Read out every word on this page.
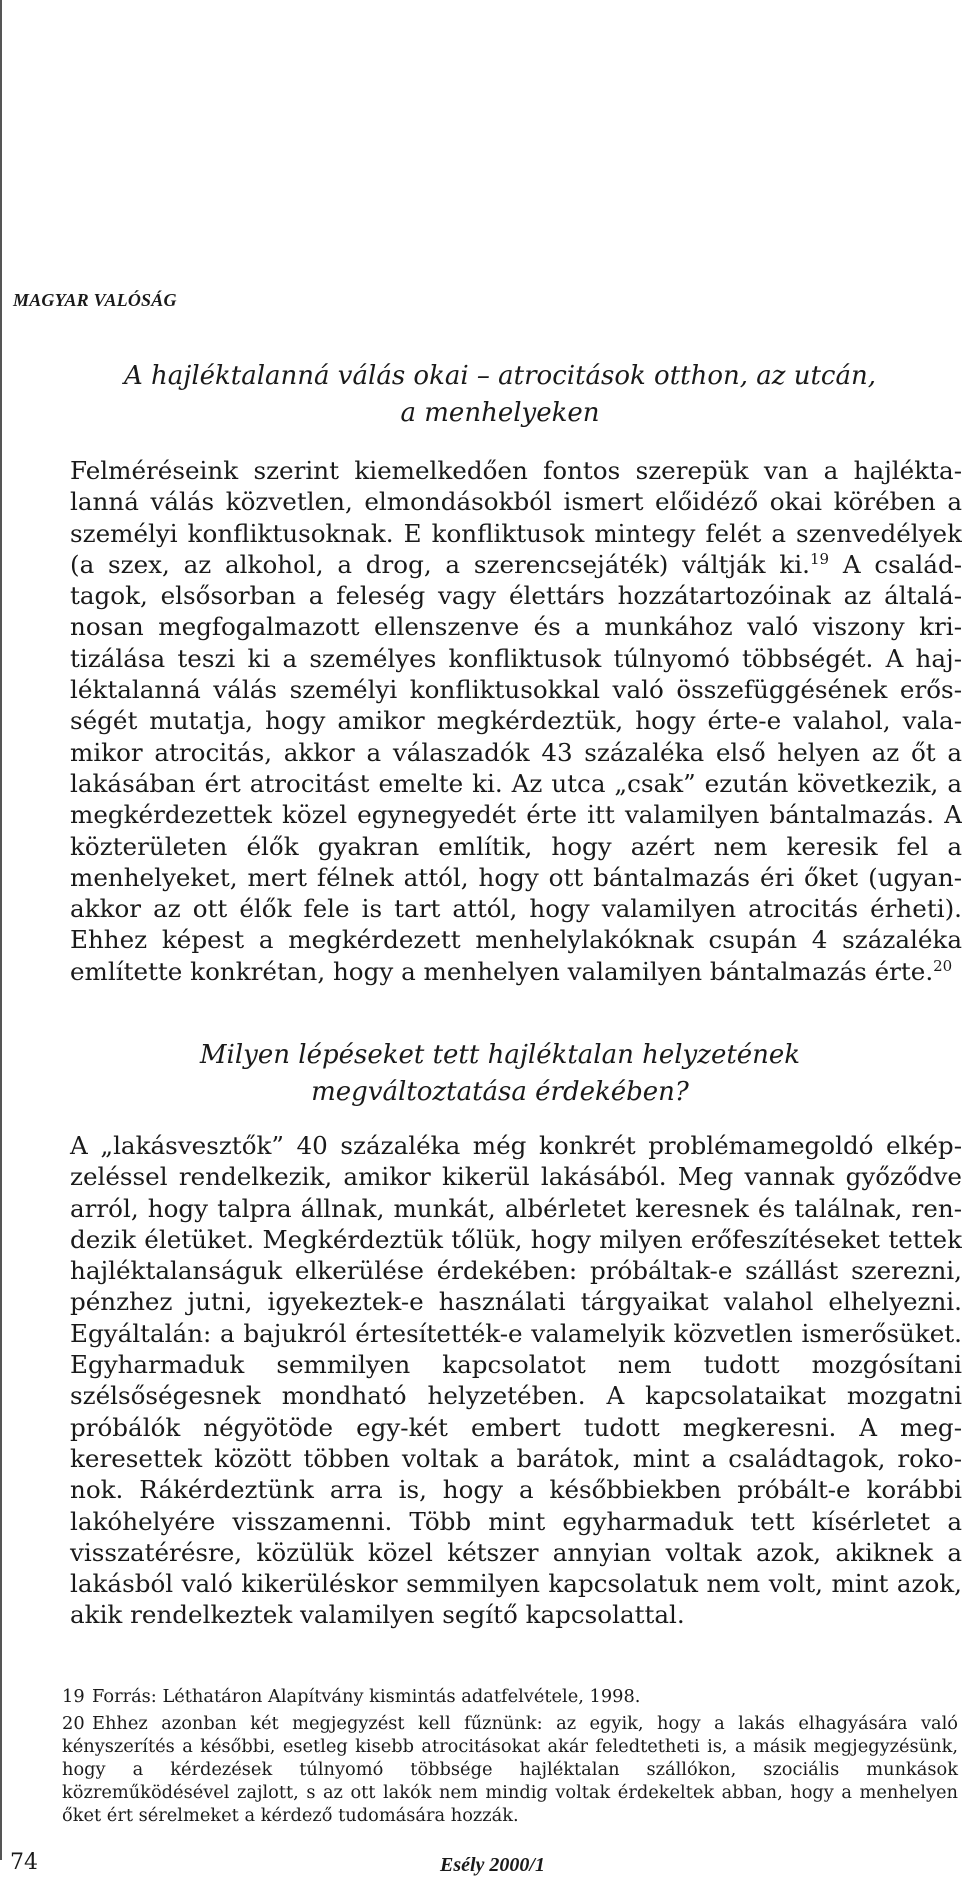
MAGYAR VALÓSÁG
A hajléktalanná válás okai – atrocitások otthon, az utcán,
a menhelyeken

Felméréseink szerint kiemelkedően fontos szerepük van a hajléktalanná válás közvetlen, elmondásokból ismert előidéző okai körében a személyi konfliktusoknak. E konfliktusok mintegy felét a szenvedélyek (a szex, az alkohol, a drog, a szerencsejáték) váltják ki.$^{19}$ A családtagok, elsősorban a feleség vagy élettárs hozzátartozóinak az általánosan megfogalmazott ellenszenve és a munkához való viszony kritizálása teszi ki a személyes konfliktusok túlnyomó többségét. A hajléktalanná válás személyi konfliktusokkal való összefüggésének erősségét mutatja, hogy amikor megkérdeztük, hogy érte-e valahol, valamikor atrocitás, akkor a válaszadók 43 százaléka első helyen az őt a lakásában ért atrocitást emelte ki. Az utca „csak” ezután következik, a megkérdezettek közel egynegyedét érte itt valamilyen bántalmazás. A közterületen élők gyakran említik, hogy azért nem keresik fel a menhelyeket, mert félnek attól, hogy ott bántalmazás éri őket (ugyanakkor az ott élők fele is tart attól, hogy valamilyen atrocitás érheti). Ehhez képest a megkérdezett menhelylakóknak csupán 4 százaléka említette konkrétan, hogy a menhelyen valamilyen bántalmazás érte.$^{20}$

Milyen lépéseket tett hajléktalan helyzetének
megváltoztatása érdekében?

A „lakásvesztők” 40 százaléka még konkrét problémamegoldó elképzeléssel rendelkezik, amikor kikerül lakásából. Meg vannak győződve arról, hogy talpra állnak, munkát, albérletet keresnek és találnak, rendezik életüket. Megkérdeztük tőlük, hogy milyen erőfeszítéseket tettek hajléktalanságuk elkerülése érdekében: próbáltak-e szállást szerezni, pénzhez jutni, igyekeztek-e használati tárgyaikat valahol elhelyezni. Egyáltalán: a bajukról értesítették-e valamelyik közvetlen ismerősüket. Egyharmaduk semmilyen kapcsolatot nem tudott mozgósítani szélsőségesnek mondható helyzetében. A kapcsolataikat mozgatni próbálók négyötöde egy-két embert tudott megkeresni. A megkeresettek között többen voltak a barátok, mint a családtagok, rokonok. Rákérdeztünk arra is, hogy a későbbiekben próbált-e korábbi lakóhelyére visszamenni. Több mint egyharmaduk tett kísérletet a visszatérésre, közülük közel kétszer annyian voltak azok, akiknek a lakásból való kikerüléskor semmilyen kapcsolatuk nem volt, mint azok, akik rendelkeztek valamilyen segítő kapcsolattal.

19 Forrás: Léthatáron Alapítvány kismintás adatfelvétele, 1998.

20 Ehhez azonban két megjegyzést kell fűznünk: az egyik, hogy a lakás elhagyására való kényszerítés a későbbi, esetleg kisebb atrocitásokat akár feledtetheti is, a másik megjegyzésünk, hogy a kérdezések túlnyomó többsége hajléktalan szállókon, szociális munkások közreműködésével zajlott, s az ott lakók nem mindig voltak érdekeltek abban, hogy a menhelyen őket ért sérelmeket a kérdező tudomására hozzák.

74	Esély 2000/1
